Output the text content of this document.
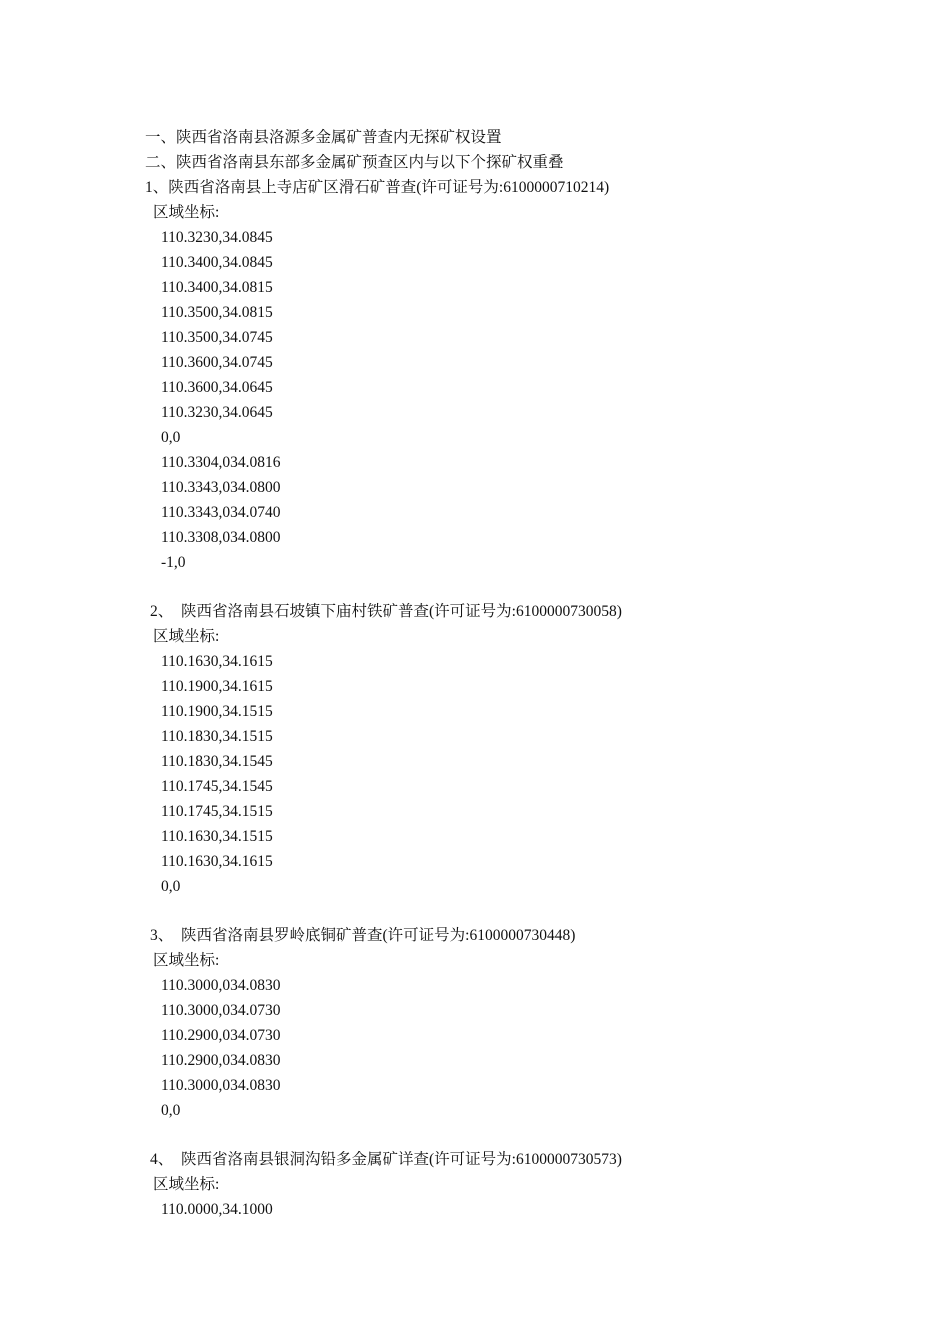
一、陕西省洛南县洛源多金属矿普查内无探矿权设置
二、陕西省洛南县东部多金属矿预查区内与以下个探矿权重叠
1、陕西省洛南县上寺店矿区滑石矿普查(许可证号为:6100000710214)
区域坐标:
110.3230,34.0845
110.3400,34.0845
110.3400,34.0815
110.3500,34.0815
110.3500,34.0745
110.3600,34.0745
110.3600,34.0645
110.3230,34.0645
0,0
110.3304,034.0816
110.3343,034.0800
110.3343,034.0740
110.3308,034.0800
-1,0
2、  陕西省洛南县石坡镇下庙村铁矿普查(许可证号为:6100000730058)
区域坐标:
110.1630,34.1615
110.1900,34.1615
110.1900,34.1515
110.1830,34.1515
110.1830,34.1545
110.1745,34.1545
110.1745,34.1515
110.1630,34.1515
110.1630,34.1615
0,0
3、  陕西省洛南县罗岭底铜矿普查(许可证号为:6100000730448)
区域坐标:
110.3000,034.0830
110.3000,034.0730
110.2900,034.0730
110.2900,034.0830
110.3000,034.0830
0,0
4、  陕西省洛南县银洞沟铅多金属矿详查(许可证号为:6100000730573)
区域坐标:
110.0000,34.1000
